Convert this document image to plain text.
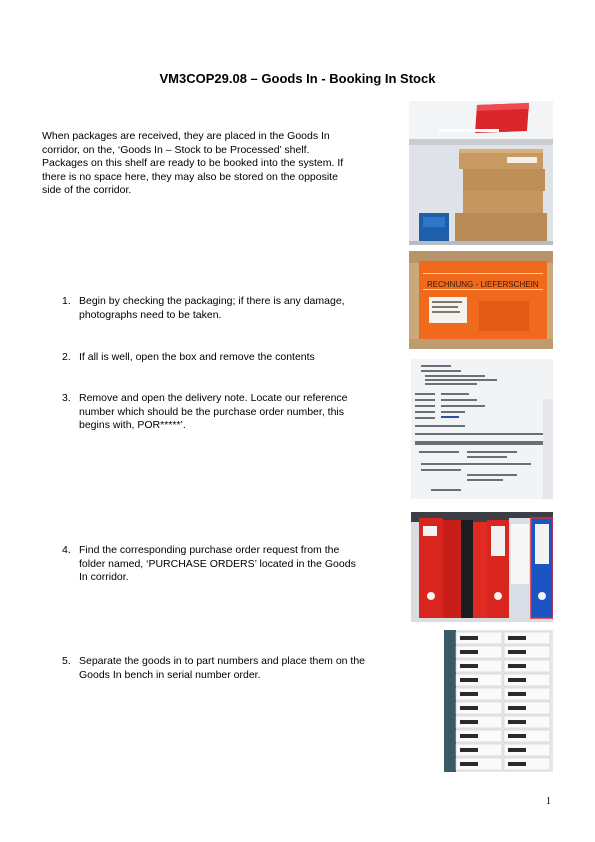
VM3COP29.08 – Goods In - Booking In Stock
When packages are received, they are placed in the Goods In
corridor, on the, ‘Goods In – Stock to be Processed’ shelf.
Packages on this shelf are ready to be booked into the system. If
there is no space here, they may also be stored on the opposite
side of the corridor.
1. Begin by checking the packaging; if there is any damage,
photographs need to be taken.
2. If all is well, open the box and remove the contents
3. Remove and open the delivery note. Locate our reference
number which should be the purchase order number, this
begins with, POR*****’.
4. Find the corresponding purchase order request from the
folder named, ‘PURCHASE ORDERS’ located in the Goods
In corridor.
5. Separate the goods in to part numbers and place them on the
Goods In bench in serial number order.
RECHNUNG - LIEFERSCHEIN
1
